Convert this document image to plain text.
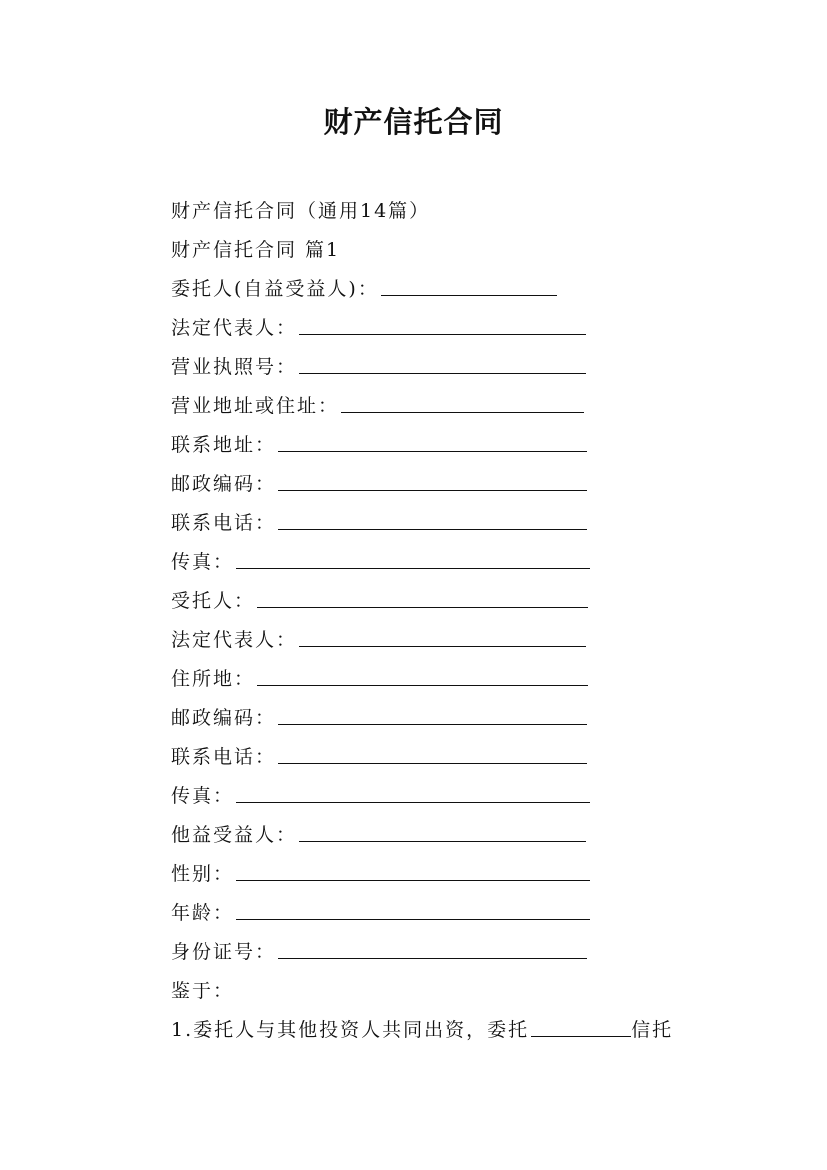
财产信托合同
财产信托合同（通用14篇）
财产信托合同 篇1
委托人(自益受益人)：
法定代表人：
营业执照号：
营业地址或住址：
联系地址：
邮政编码：
联系电话：
传真：
受托人：
法定代表人：
住所地：
邮政编码：
联系电话：
传真：
他益受益人：
性别：
年龄：
身份证号：
鉴于：
1.委托人与其他投资人共同出资，委托	信托
